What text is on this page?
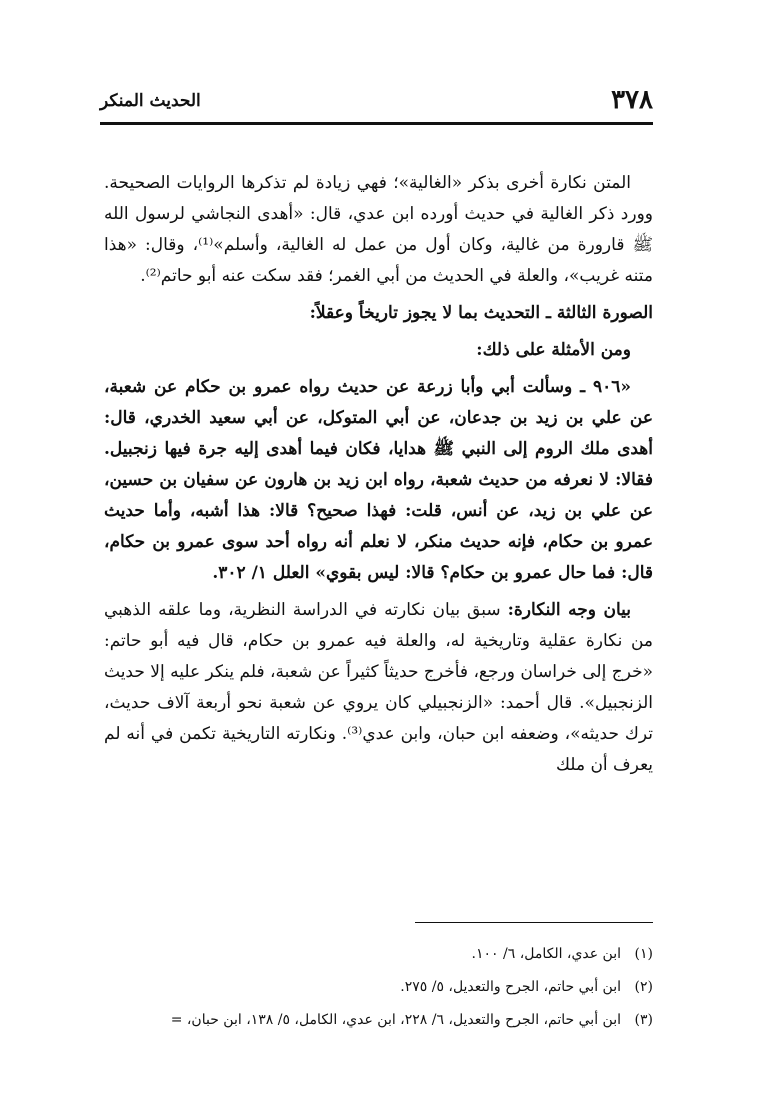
٣٧٨
الحديث المنكر

المتن نكارة أخرى بذكر «الغالية»؛ فهي زيادة لم تذكرها الروايات الصحيحة. وورد ذكر الغالية في حديث أورده ابن عدي، قال: «أهدى النجاشي لرسول الله ﷺ قارورة من غالية، وكان أول من عمل له الغالية، وأسلم»⁽¹⁾، وقال: «هذا متنه غريب»، والعلة في الحديث من أبي الغمر؛ فقد سكت عنه أبو حاتم⁽²⁾.

الصورة الثالثة ـ التحديث بما لا يجوز تاريخاً وعقلاً:

ومن الأمثلة على ذلك:

«٩٠٦ ـ وسألت أبي وأبا زرعة عن حديث رواه عمرو بن حكام عن شعبة، عن علي بن زيد بن جدعان، عن أبي المتوكل، عن أبي سعيد الخدري، قال: أهدى ملك الروم إلى النبي ﷺ هدايا، فكان فيما أهدى إليه جرة فيها زنجبيل. فقالا: لا نعرفه من حديث شعبة، رواه ابن زيد بن هارون عن سفيان بن حسين، عن علي بن زيد، عن أنس، قلت: فهذا صحيح؟ قالا: هذا أشبه، وأما حديث عمرو بن حكام، فإنه حديث منكر، لا نعلم أنه رواه أحد سوى عمرو بن حكام، قال: فما حال عمرو بن حكام؟ قالا: ليس بقوي» العلل ١/ ٣٠٢.

بيان وجه النكارة: سبق بيان نكارته في الدراسة النظرية، وما علقه الذهبي من نكارة عقلية وتاريخية له، والعلة فيه عمرو بن حكام، قال فيه أبو حاتم: «خرج إلى خراسان ورجع، فأخرج حديثاً كثيراً عن شعبة، فلم ينكر عليه إلا حديث الزنجبيل». قال أحمد: «الزنجبيلي كان يروي عن شعبة نحو أربعة آلاف حديث، ترك حديثه»، وضعفه ابن حبان، وابن عدي⁽³⁾. ونكارته التاريخية تكمن في أنه لم يعرف أن ملك

(١)ابن عدي، الكامل، ٦/ ١٠٠.
(٢)ابن أبي حاتم، الجرح والتعديل، ٥/ ٢٧٥.
(٣)ابن أبي حاتم، الجرح والتعديل، ٦/ ٢٢٨، ابن عدي، الكامل، ٥/ ١٣٨، ابن حبان، =
